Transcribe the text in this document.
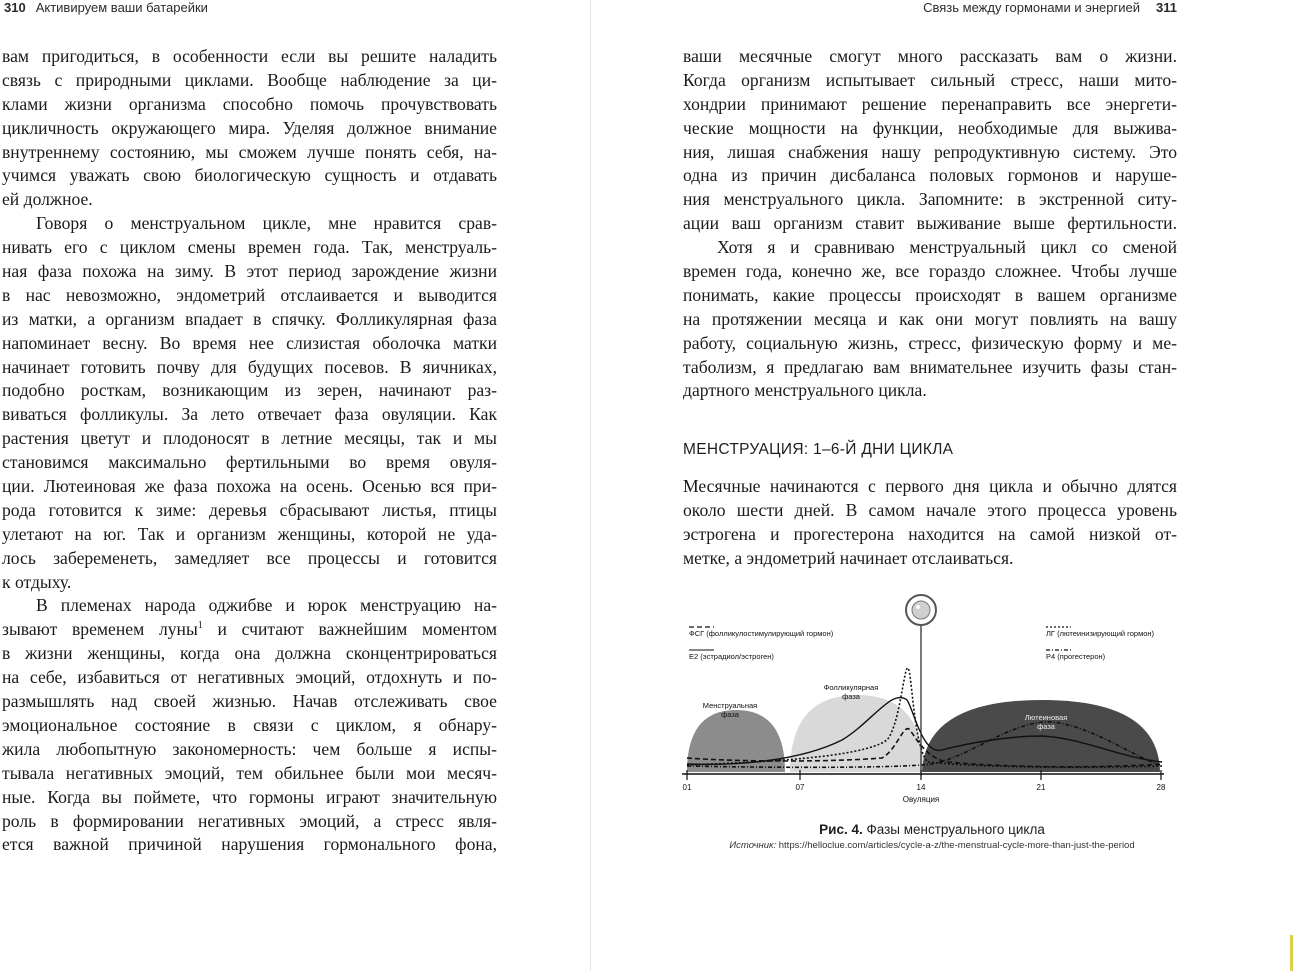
310 Активируем ваши батарейки
вам пригодиться, в особенности если вы решите наладить
связь с природными циклами. Вообще наблюдение за ци-
клами жизни организма способно помочь прочувствовать
цикличность окружающего мира. Уделяя должное внимание
внутреннему состоянию, мы сможем лучше понять себя, на-
учимся уважать свою биологическую сущность и отдавать
ей должное.
Говоря о менструальном цикле, мне нравится срав-
нивать его с циклом смены времен года. Так, менструаль-
ная фаза похожа на зиму. В этот период зарождение жизни
в нас невозможно, эндометрий отслаивается и выводится
из матки, а организм впадает в спячку. Фолликулярная фаза
напоминает весну. Во время нее слизистая оболочка матки
начинает готовить почву для будущих посевов. В яичниках,
подобно росткам, возникающим из зерен, начинают раз-
виваться фолликулы. За лето отвечает фаза овуляции. Как
растения цветут и плодоносят в летние месяцы, так и мы
становимся максимально фертильными во время овуля-
ции. Лютеиновая же фаза похожа на осень. Осенью вся при-
рода готовится к зиме: деревья сбрасывают листья, птицы
улетают на юг. Так и организм женщины, которой не уда-
лось забеременеть, замедляет все процессы и готовится
к отдыху.
В племенах народа оджибве и юрок менструацию на-
зывают временем луны$^1$ и считают важнейшим моментом
в жизни женщины, когда она должна сконцентрироваться
на себе, избавиться от негативных эмоций, отдохнуть и по-
размышлять над своей жизнью. Начав отслеживать свое
эмоциональное состояние в связи с циклом, я обнару-
жила любопытную закономерность: чем больше я испы-
тывала негативных эмоций, тем обильнее были мои месяч-
ные. Когда вы поймете, что гормоны играют значительную
роль в формировании негативных эмоций, а стресс явля-
ется важной причиной нарушения гормонального фона,
Связь между гормонами и энергией 311
ваши месячные смогут много рассказать вам о жизни.
Когда организм испытывает сильный стресс, наши мито-
хондрии принимают решение перенаправить все энергети-
ческие мощности на функции, необходимые для выжива-
ния, лишая снабжения нашу репродуктивную систему. Это
одна из причин дисбаланса половых гормонов и наруше-
ния менструального цикла. Запомните: в экстренной ситу-
ации ваш организм ставит выживание выше фертильности.
Хотя я и сравниваю менструальный цикл со сменой
времен года, конечно же, все гораздо сложнее. Чтобы лучше
понимать, какие процессы происходят в вашем организме
на протяжении месяца и как они могут повлиять на вашу
работу, социальную жизнь, стресс, физическую форму и ме-
таболизм, я предлагаю вам внимательнее изучить фазы стан-
дартного менструального цикла.
МЕНСТРУАЦИЯ: 1–6-Й ДНИ ЦИКЛА
Месячные начинаются с первого дня цикла и обычно длятся
около шести дней. В самом начале этого процесса уровень
эстрогена и прогестерона находится на самой низкой от-
метке, а эндометрий начинает отслаиваться.
01	07	14	21	28
Овуляция
ФСГ (фолликулостимулирующий гормон)
Е2 (эстрадиол/эстроген)
ЛГ (лютеинизирующий гормон)
Р4 (прогестерон)
Менструальная
фаза
Фолликулярная
фаза
Лютеиновая
фаза
Рис. 4. Фазы менструального цикла
Источник: https://helloclue.com/articles/cycle-a-z/the-menstrual-cycle-more-than-just-the-period
